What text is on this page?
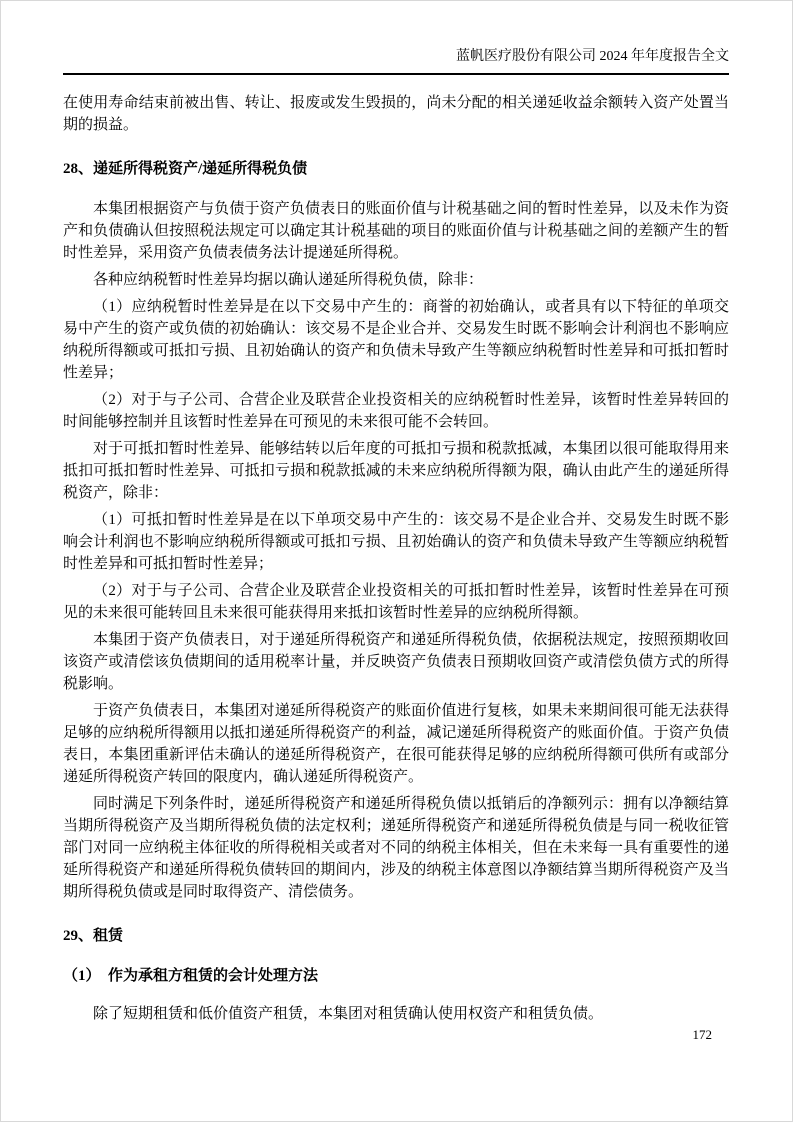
蓝帆医疗股份有限公司 2024 年年度报告全文

在使用寿命结束前被出售、转让、报废或发生毁损的，尚未分配的相关递延收益余额转入资产处置当期的损益。

28、递延所得税资产/递延所得税负债

本集团根据资产与负债于资产负债表日的账面价值与计税基础之间的暂时性差异，以及未作为资产和负债确认但按照税法规定可以确定其计税基础的项目的账面价值与计税基础之间的差额产生的暂时性差异，采用资产负债表债务法计提递延所得税。

各种应纳税暂时性差异均据以确认递延所得税负债，除非：

（1）应纳税暂时性差异是在以下交易中产生的：商誉的初始确认，或者具有以下特征的单项交易中产生的资产或负债的初始确认：该交易不是企业合并、交易发生时既不影响会计利润也不影响应纳税所得额或可抵扣亏损、且初始确认的资产和负债未导致产生等额应纳税暂时性差异和可抵扣暂时性差异；

（2）对于与子公司、合营企业及联营企业投资相关的应纳税暂时性差异，该暂时性差异转回的时间能够控制并且该暂时性差异在可预见的未来很可能不会转回。

对于可抵扣暂时性差异、能够结转以后年度的可抵扣亏损和税款抵减，本集团以很可能取得用来抵扣可抵扣暂时性差异、可抵扣亏损和税款抵减的未来应纳税所得额为限，确认由此产生的递延所得税资产，除非：

（1）可抵扣暂时性差异是在以下单项交易中产生的：该交易不是企业合并、交易发生时既不影响会计利润也不影响应纳税所得额或可抵扣亏损、且初始确认的资产和负债未导致产生等额应纳税暂时性差异和可抵扣暂时性差异；

（2）对于与子公司、合营企业及联营企业投资相关的可抵扣暂时性差异，该暂时性差异在可预见的未来很可能转回且未来很可能获得用来抵扣该暂时性差异的应纳税所得额。

本集团于资产负债表日，对于递延所得税资产和递延所得税负债，依据税法规定，按照预期收回该资产或清偿该负债期间的适用税率计量，并反映资产负债表日预期收回资产或清偿负债方式的所得税影响。

于资产负债表日，本集团对递延所得税资产的账面价值进行复核，如果未来期间很可能无法获得足够的应纳税所得额用以抵扣递延所得税资产的利益，减记递延所得税资产的账面价值。于资产负债表日，本集团重新评估未确认的递延所得税资产，在很可能获得足够的应纳税所得额可供所有或部分递延所得税资产转回的限度内，确认递延所得税资产。

同时满足下列条件时，递延所得税资产和递延所得税负债以抵销后的净额列示：拥有以净额结算当期所得税资产及当期所得税负债的法定权利；递延所得税资产和递延所得税负债是与同一税收征管部门对同一应纳税主体征收的所得税相关或者对不同的纳税主体相关，但在未来每一具有重要性的递延所得税资产和递延所得税负债转回的期间内，涉及的纳税主体意图以净额结算当期所得税资产及当期所得税负债或是同时取得资产、清偿债务。

29、租赁
（1）　作为承租方租赁的会计处理方法

除了短期租赁和低价值资产租赁，本集团对租赁确认使用权资产和租赁负债。

172
